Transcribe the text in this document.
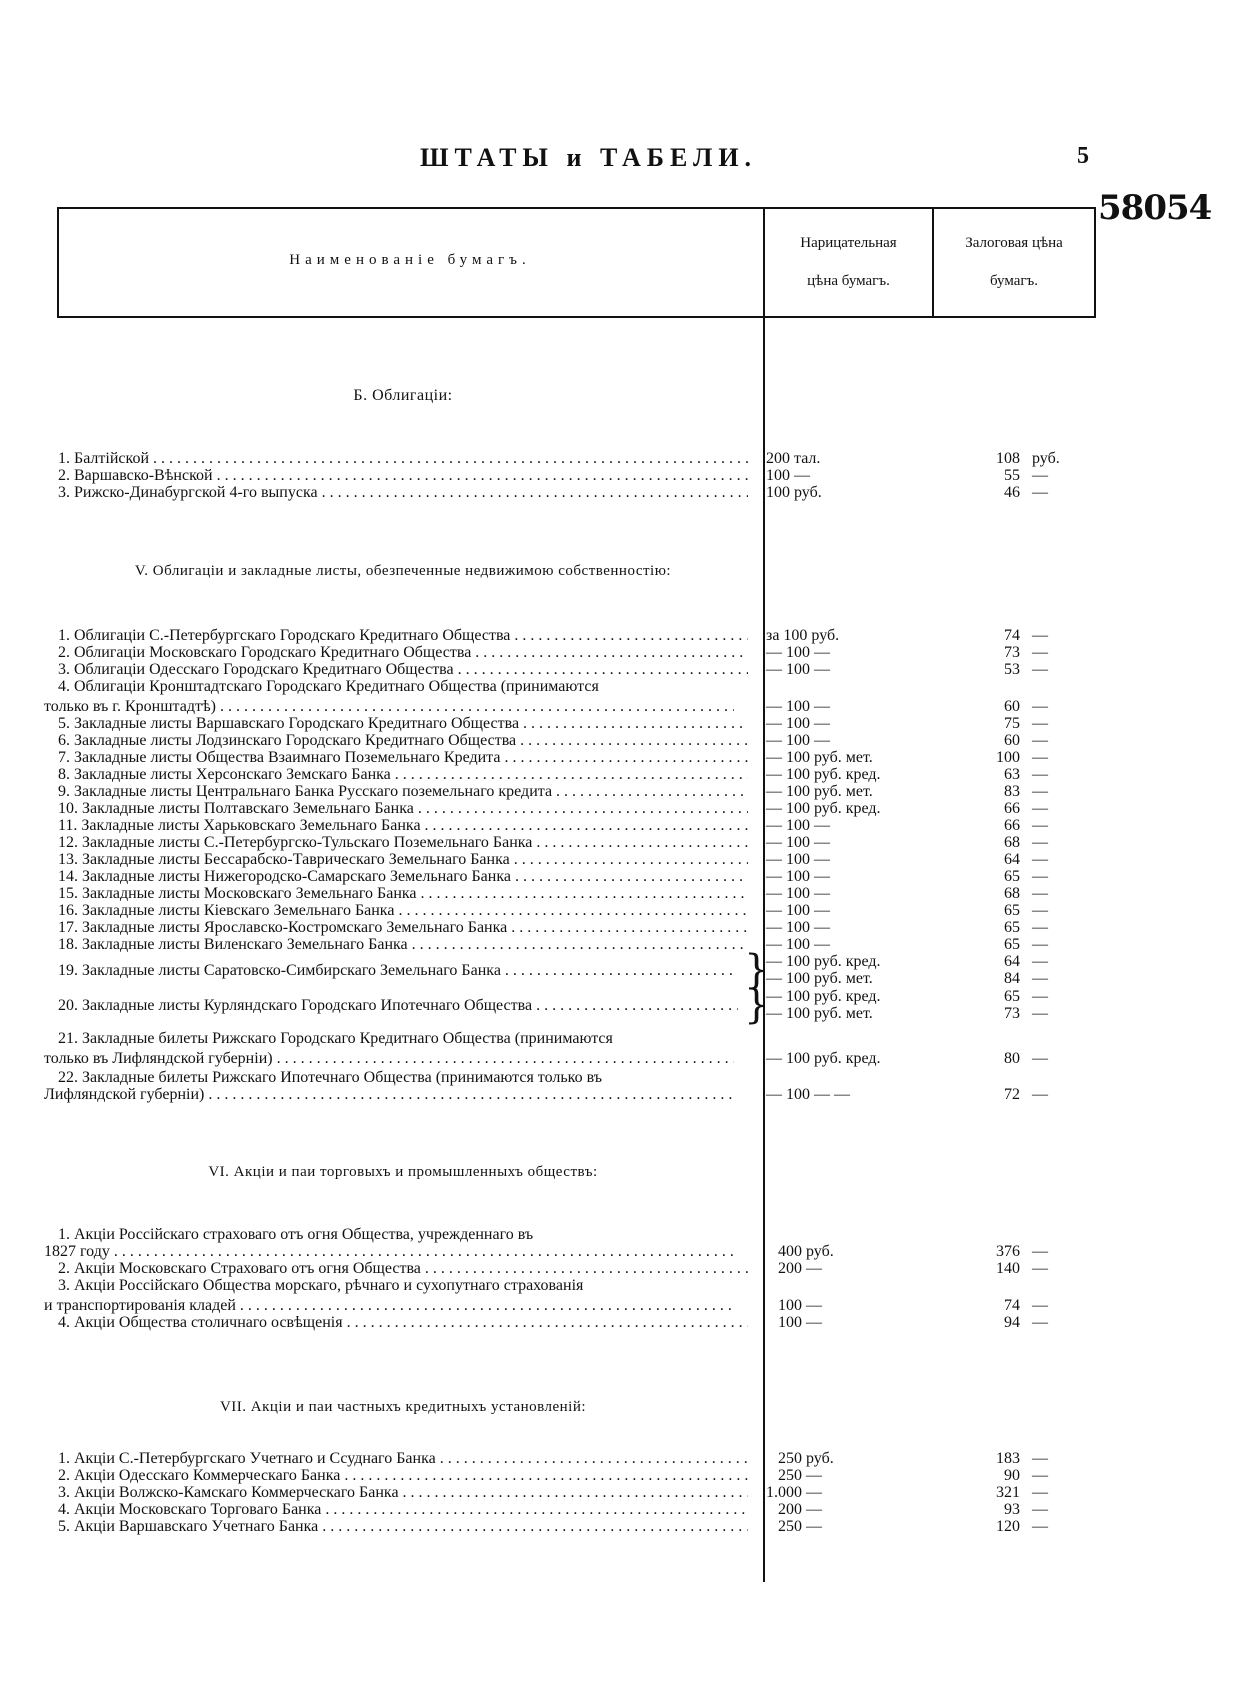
ШТАТЫ и ТАБЕЛИ.	5
58054
Наименованіе бумагъ.
Нарицательная
цѣна бумагъ.
Залоговая цѣна
бумагъ.
Б. Облигаціи:
1. Балтійской . . .	200 тал.	108 руб.
2. Варшавско-Вѣнской . . .	100 —	55 —
3. Рижско-Динабургской 4-го выпуска . . .	100 руб.	46 —
V. Облигаціи и закладные листы, обезпеченные недвижимою собственностію:
1. Облигаціи С.-Петербургскаго Городскаго Кредитнаго Общества . . .	за 100 руб.	74 —
2. Облигаціи Московскаго Городскаго Кредитнаго Общества . . .	— 100 —	73 —
3. Облигаціи Одесскаго Городскаго Кредитнаго Общества . . .	— 100 —	53 —
4. Облигаціи Кронштадтскаго Городскаго Кредитнаго Общества (принимаются
только въ г. Кронштадтѣ) . . .	— 100 —	60 —
5. Закладные листы Варшавскаго Городскаго Кредитнаго Общества . . .	— 100 —	75 —
6. Закладные листы Лодзинскаго Городскаго Кредитнаго Общества . . .	— 100 —	60 —
7. Закладные листы Общества Взаимнаго Поземельнаго Кредита . . .	— 100 руб. мет.	100 —
8. Закладные листы Херсонскаго Земскаго Банка . . .	— 100 руб. кред.	63 —
9. Закладные листы Центральнаго Банка Русскаго поземельнаго кредита . . .	— 100 руб. мет.	83 —
10. Закладные листы Полтавскаго Земельнаго Банка . . .	— 100 руб. кред.	66 —
11. Закладные листы Харьковскаго Земельнаго Банка . . .	— 100 —	66 —
12. Закладные листы С.-Петербургско-Тульскаго Поземельнаго Банка . . .	— 100 —	68 —
13. Закладные листы Бессарабско-Таврическаго Земельнаго Банка . . .	— 100 —	64 —
14. Закладные листы Нижегородско-Самарскаго Земельнаго Банка . . .	— 100 —	65 —
15. Закладные листы Московскаго Земельнаго Банка . . .	— 100 —	68 —
16. Закладные листы Кіевскаго Земельнаго Банка . . .	— 100 —	65 —
17. Закладные листы Ярославско-Костромскаго Земельнаго Банка . . .	— 100 —	65 —
18. Закладные листы Виленскаго Земельнаго Банка . . .	— 100 —	65 —
19. Закладные листы Саратовско-Симбирскаго Земельнаго Банка . . .	}
— 100 руб. кред.	64 —
— 100 руб. мет.	84 —
20. Закладные листы Курляндскаго Городскаго Ипотечнаго Общества . . .	}
— 100 руб. кред.	65 —
— 100 руб. мет.	73 —
21. Закладные билеты Рижскаго Городскаго Кредитнаго Общества (принимаются
только въ Лифляндской губерніи) . . .	— 100 руб. кред.	80 —
22. Закладные билеты Рижскаго Ипотечнаго Общества (принимаются только въ
Лифляндской губерніи) . . .	— 100 — —	72 —
VI. Акціи и паи торговыхъ и промышленныхъ обществъ:
1. Акціи Россійскаго страховаго отъ огня Общества, учрежденнаго въ
1827 году . . .	400 руб.	376 —
2. Акціи Московскаго Страховаго отъ огня Общества . . .	200 —	140 —
3. Акціи Россійскаго Общества морскаго, рѣчнаго и сухопутнаго страхованія
и транспортированія кладей . . .	100 —	74 —
4. Акціи Общества столичнаго освѣщенія . . .	100 —	94 —
VII. Акціи и паи частныхъ кредитныхъ установленій:
1. Акціи С.-Петербургскаго Учетнаго и Ссуднаго Банка . . .	250 руб.	183 —
2. Акціи Одесскаго Коммерческаго Банка . . .	250 —	90 —
3. Акціи Волжско-Камскаго Коммерческаго Банка . . .	1.000 —	321 —
4. Акціи Московскаго Торговаго Банка . . .	200 —	93 —
5. Акціи Варшавскаго Учетнаго Банка . . .	250 —	120 —
